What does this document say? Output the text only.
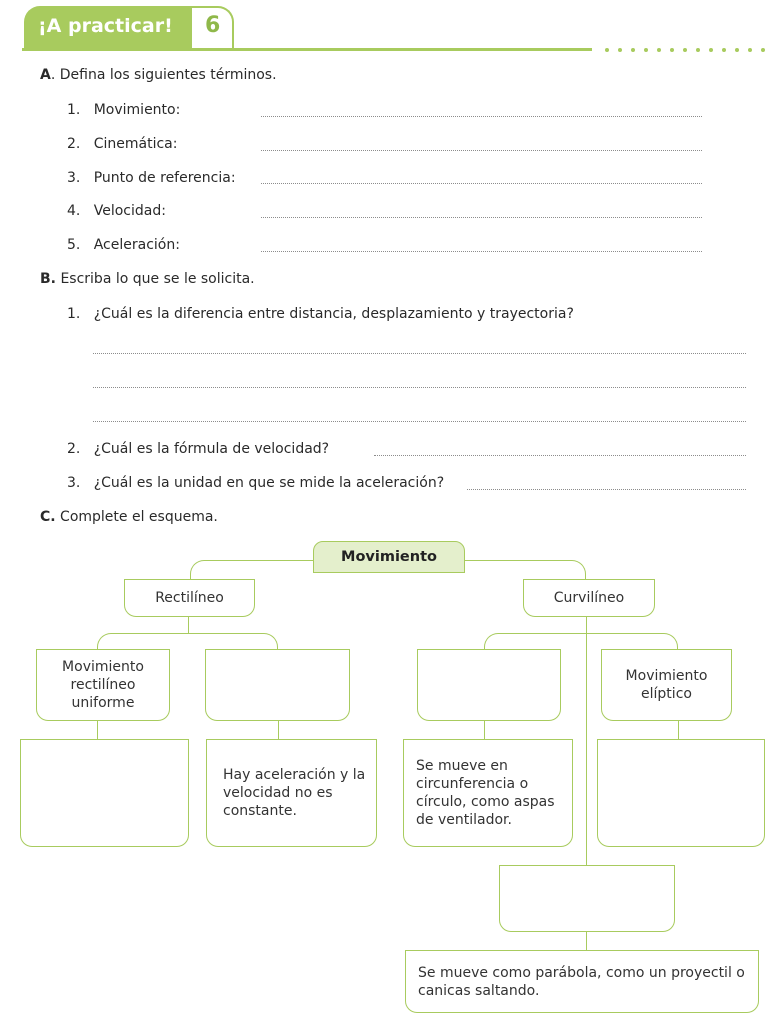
¡A practicar! 6
A. Defina los siguientes términos.
1. Movimiento:
2. Cinemática:
3. Punto de referencia:
4. Velocidad:
5. Aceleración:
B. Escriba lo que se le solicita.
1. ¿Cuál es la diferencia entre distancia, desplazamiento y trayectoria?
2. ¿Cuál es la fórmula de velocidad?
3. ¿Cuál es la unidad en que se mide la aceleración?
C. Complete el esquema.
Movimiento
Rectilíneo	Curvilíneo
Movimiento rectilíneo uniforme
Movimiento elíptico
Hay aceleración y la velocidad no es constante.
Se mueve en circunferencia o círculo, como aspas de ventilador.
Se mueve como parábola, como un proyectil o canicas saltando.
